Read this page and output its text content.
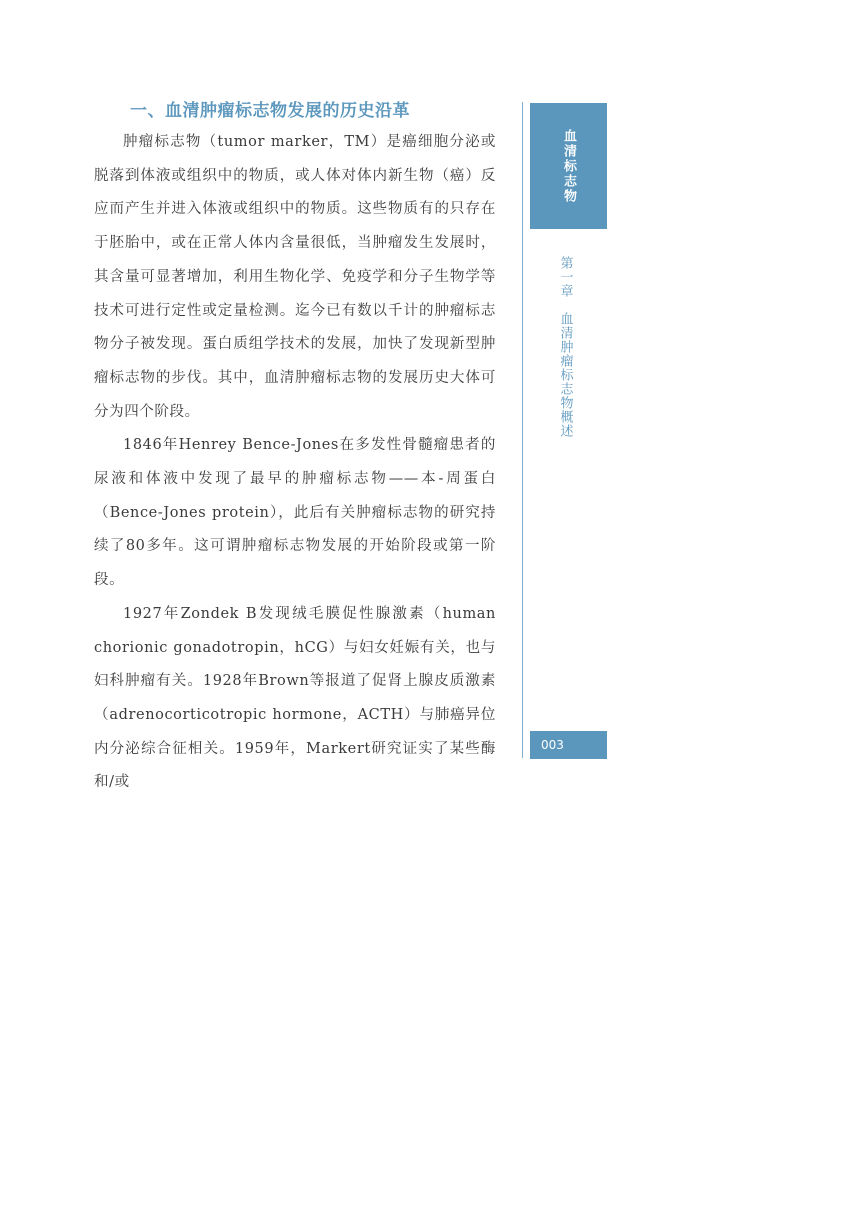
一、血清肿瘤标志物发展的历史沿革

肿瘤标志物（tumor marker，TM）是癌细胞分泌或脱落到体液或组织中的物质，或人体对体内新生物（癌）反应而产生并进入体液或组织中的物质。这些物质有的只存在于胚胎中，或在正常人体内含量很低，当肿瘤发生发展时，其含量可显著增加，利用生物化学、免疫学和分子生物学等技术可进行定性或定量检测。迄今已有数以千计的肿瘤标志物分子被发现。蛋白质组学技术的发展，加快了发现新型肿瘤标志物的步伐。其中，血清肿瘤标志物的发展历史大体可分为四个阶段。

1846年Henrey Bence-Jones在多发性骨髓瘤患者的尿液和体液中发现了最早的肿瘤标志物——本-周蛋白（Bence-Jones protein），此后有关肿瘤标志物的研究持续了80多年。这可谓肿瘤标志物发展的开始阶段或第一阶段。

1927年Zondek B发现绒毛膜促性腺激素（human chorionic gonadotropin，hCG）与妇女妊娠有关，也与妇科肿瘤有关。1928年Brown等报道了促肾上腺皮质激素（adrenocorticotropic hormone，ACTH）与肺癌异位内分泌综合征相关。1959年，Markert研究证实了某些酶和/或

血清标志物
第一章　血清肿瘤标志物概述
003
